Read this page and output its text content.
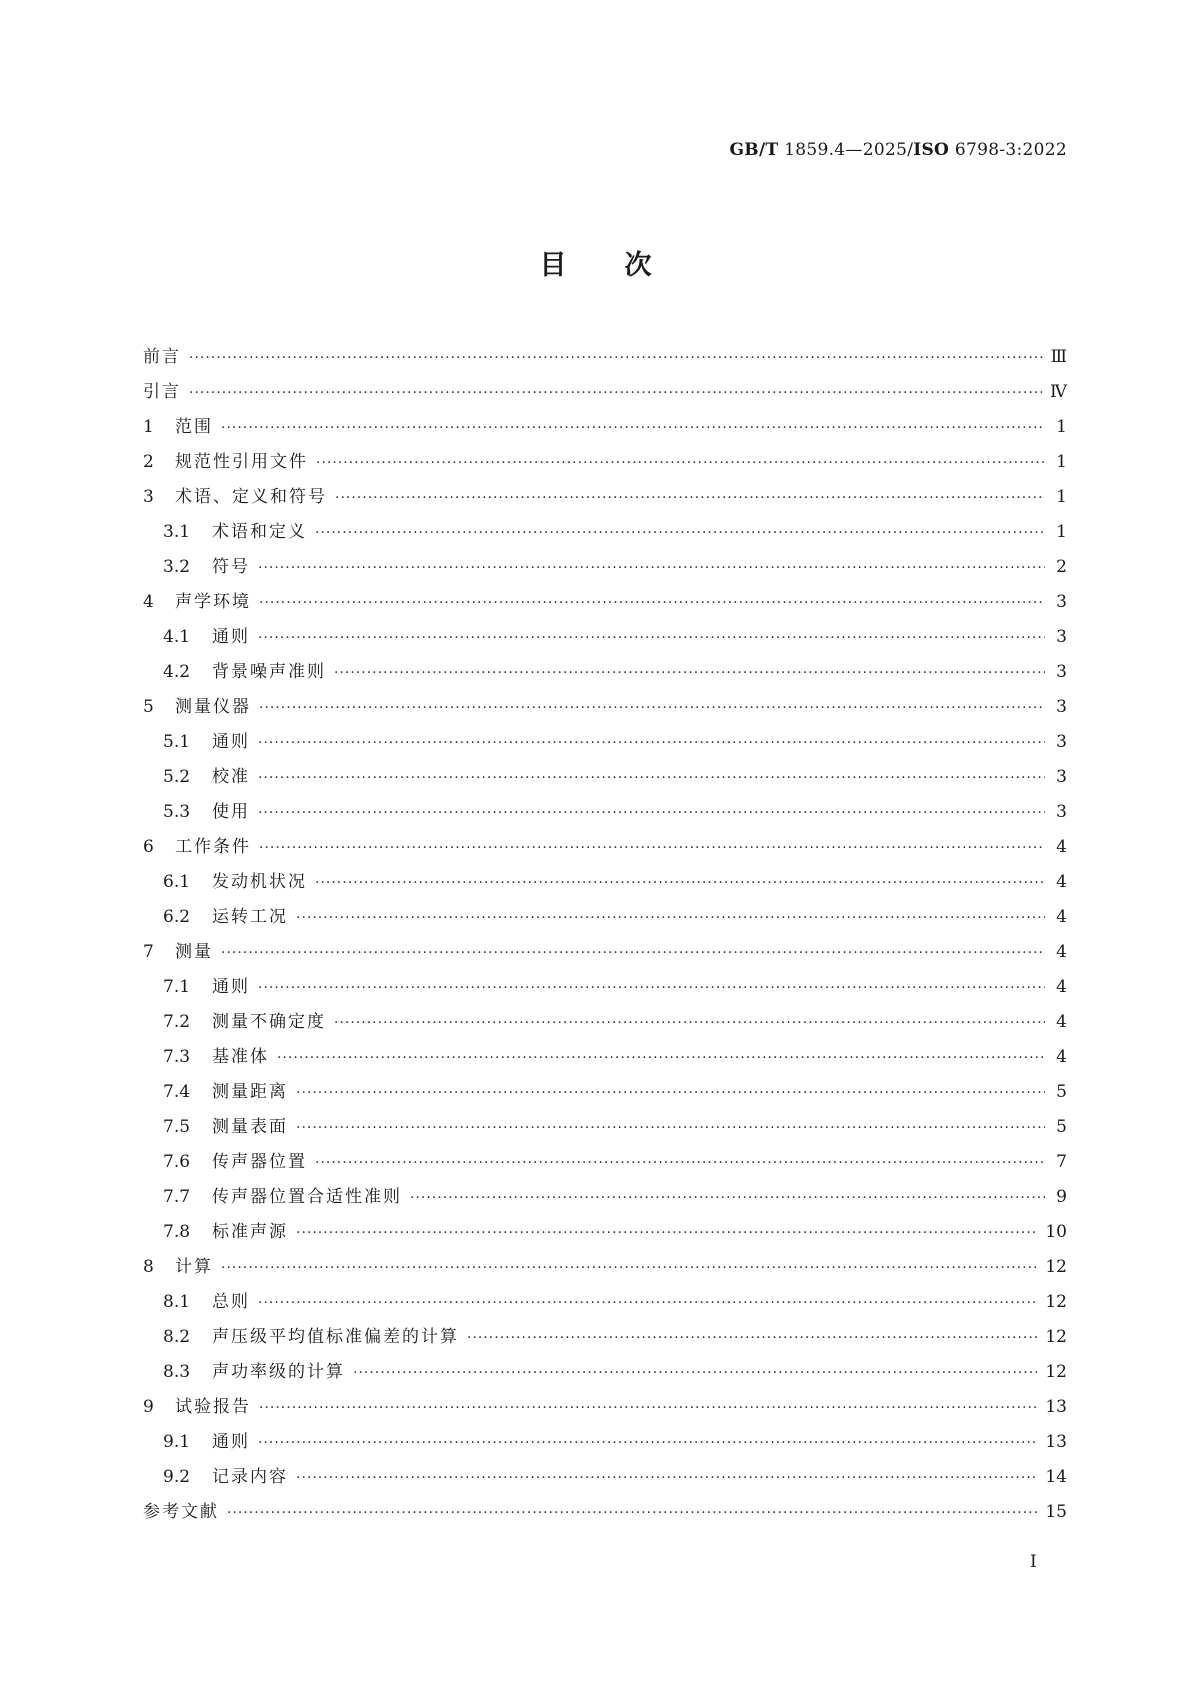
GB/T 1859.4—2025/ISO 6798-3:2022
目次
前言 ·····	Ⅲ
引言 ·····	Ⅳ
1	范围 ·····	1
2	规范性引用文件 ·····	1
3	术语、定义和符号 ·····	1
3.1	术语和定义 ·····	1
3.2	符号 ·····	2
4	声学环境 ·····	3
4.1	通则 ·····	3
4.2	背景噪声准则 ·····	3
5	测量仪器 ·····	3
5.1	通则 ·····	3
5.2	校准 ·····	3
5.3	使用 ·····	3
6	工作条件 ·····	4
6.1	发动机状况 ·····	4
6.2	运转工况 ·····	4
7	测量 ·····	4
7.1	通则 ·····	4
7.2	测量不确定度 ·····	4
7.3	基准体 ·····	4
7.4	测量距离 ·····	5
7.5	测量表面 ·····	5
7.6	传声器位置 ·····	7
7.7	传声器位置合适性准则 ·····	9
7.8	标准声源 ·····	10
8	计算 ·····	12
8.1	总则 ·····	12
8.2	声压级平均值标准偏差的计算 ·····	12
8.3	声功率级的计算 ·····	12
9	试验报告 ·····	13
9.1	通则 ·····	13
9.2	记录内容 ·····	14
参考文献 ·····	15
I
